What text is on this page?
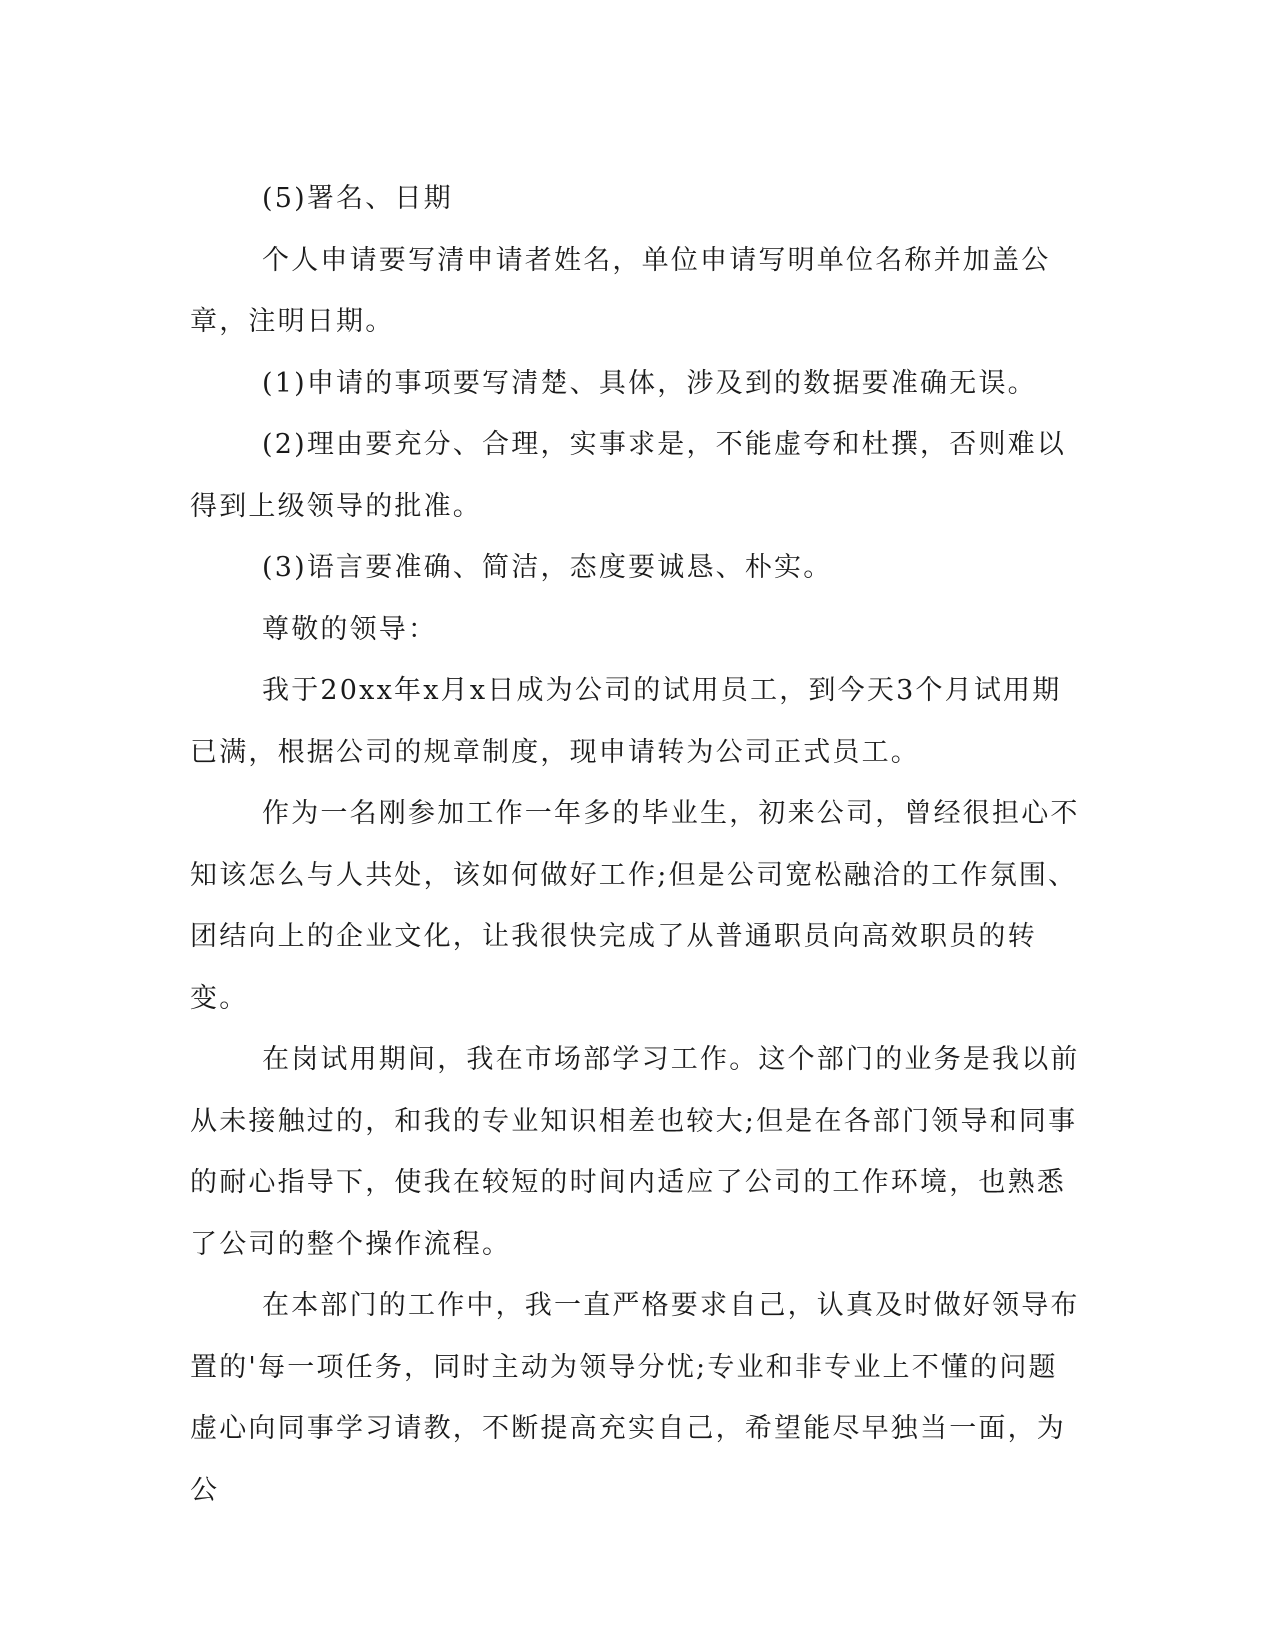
(5)署名、日期

个人申请要写清申请者姓名，单位申请写明单位名称并加盖公章，注明日期。

(1)申请的事项要写清楚、具体，涉及到的数据要准确无误。

(2)理由要充分、合理，实事求是，不能虚夸和杜撰，否则难以得到上级领导的批准。

(3)语言要准确、简洁，态度要诚恳、朴实。

尊敬的领导：

我于20xx年x月x日成为公司的试用员工，到今天3个月试用期已满，根据公司的规章制度，现申请转为公司正式员工。

作为一名刚参加工作一年多的毕业生，初来公司，曾经很担心不知该怎么与人共处，该如何做好工作;但是公司宽松融洽的工作氛围、团结向上的企业文化，让我很快完成了从普通职员向高效职员的转变。

在岗试用期间，我在市场部学习工作。这个部门的业务是我以前从未接触过的，和我的专业知识相差也较大;但是在各部门领导和同事的耐心指导下，使我在较短的时间内适应了公司的工作环境，也熟悉了公司的整个操作流程。

在本部门的工作中，我一直严格要求自己，认真及时做好领导布置的'每一项任务，同时主动为领导分忧;专业和非专业上不懂的问题虚心向同事学习请教，不断提高充实自己，希望能尽早独当一面，为公
